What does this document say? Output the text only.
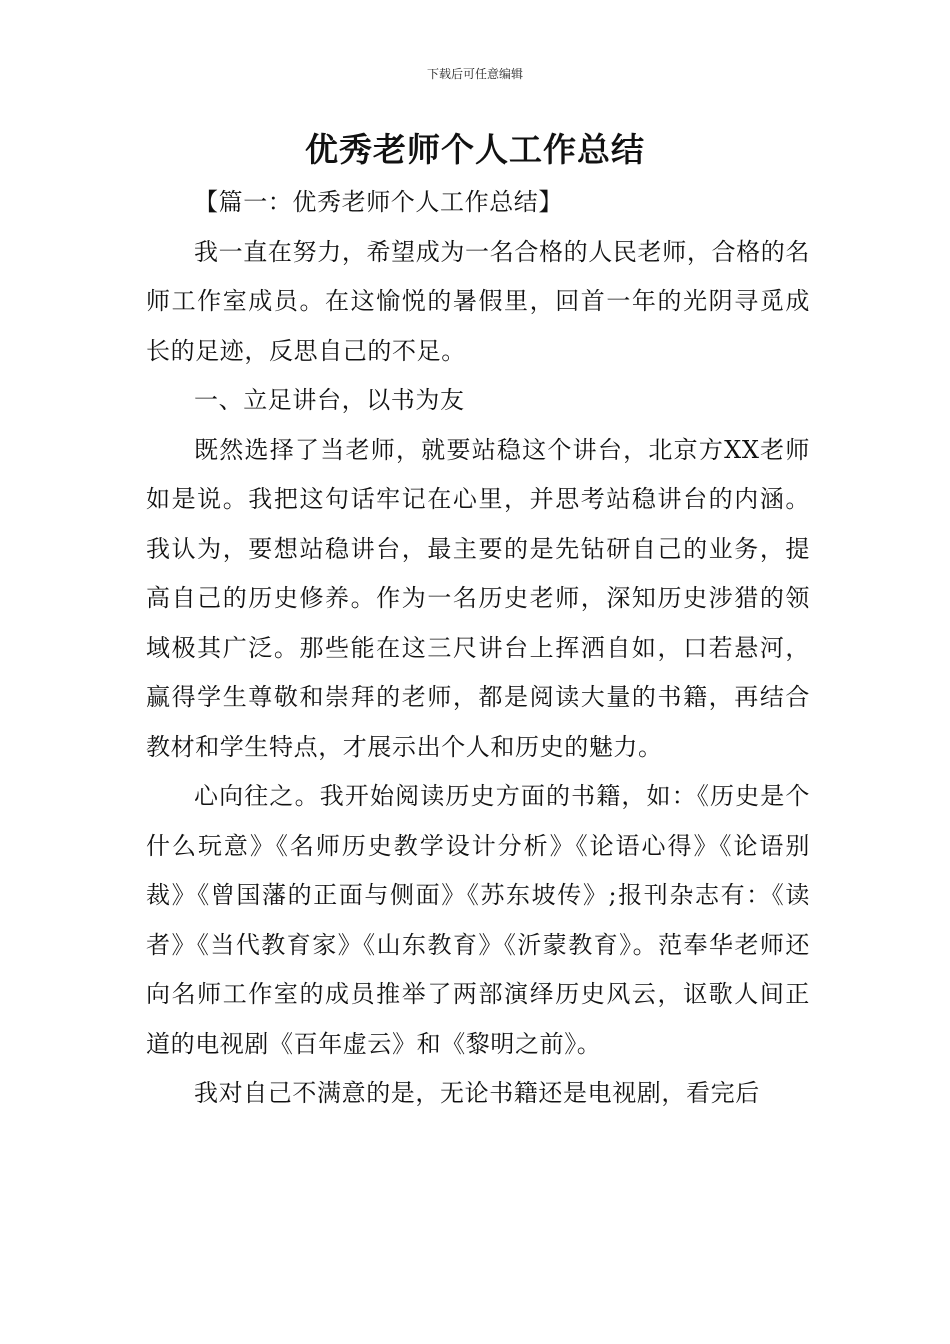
下载后可任意编辑
优秀老师个人工作总结

【篇一：优秀老师个人工作总结】

我一直在努力，希望成为一名合格的人民老师，合格的名师工作室成员。在这愉悦的暑假里，回首一年的光阴寻觅成长的足迹，反思自己的不足。

一、立足讲台，以书为友

既然选择了当老师，就要站稳这个讲台，北京方XX老师如是说。我把这句话牢记在心里，并思考站稳讲台的内涵。我认为，要想站稳讲台，最主要的是先钻研自己的业务，提高自己的历史修养。作为一名历史老师，深知历史涉猎的领域极其广泛。那些能在这三尺讲台上挥洒自如，口若悬河，赢得学生尊敬和崇拜的老师，都是阅读大量的书籍，再结合教材和学生特点，才展示出个人和历史的魅力。

心向往之。我开始阅读历史方面的书籍，如：《历史是个什么玩意》《名师历史教学设计分析》《论语心得》《论语别裁》《曾国藩的正面与侧面》《苏东坡传》;报刊杂志有：《读者》《当代教育家》《山东教育》《沂蒙教育》。范奉华老师还向名师工作室的成员推举了两部演绎历史风云，讴歌人间正道的电视剧《百年虚云》和《黎明之前》。

我对自己不满意的是，无论书籍还是电视剧，看完后
